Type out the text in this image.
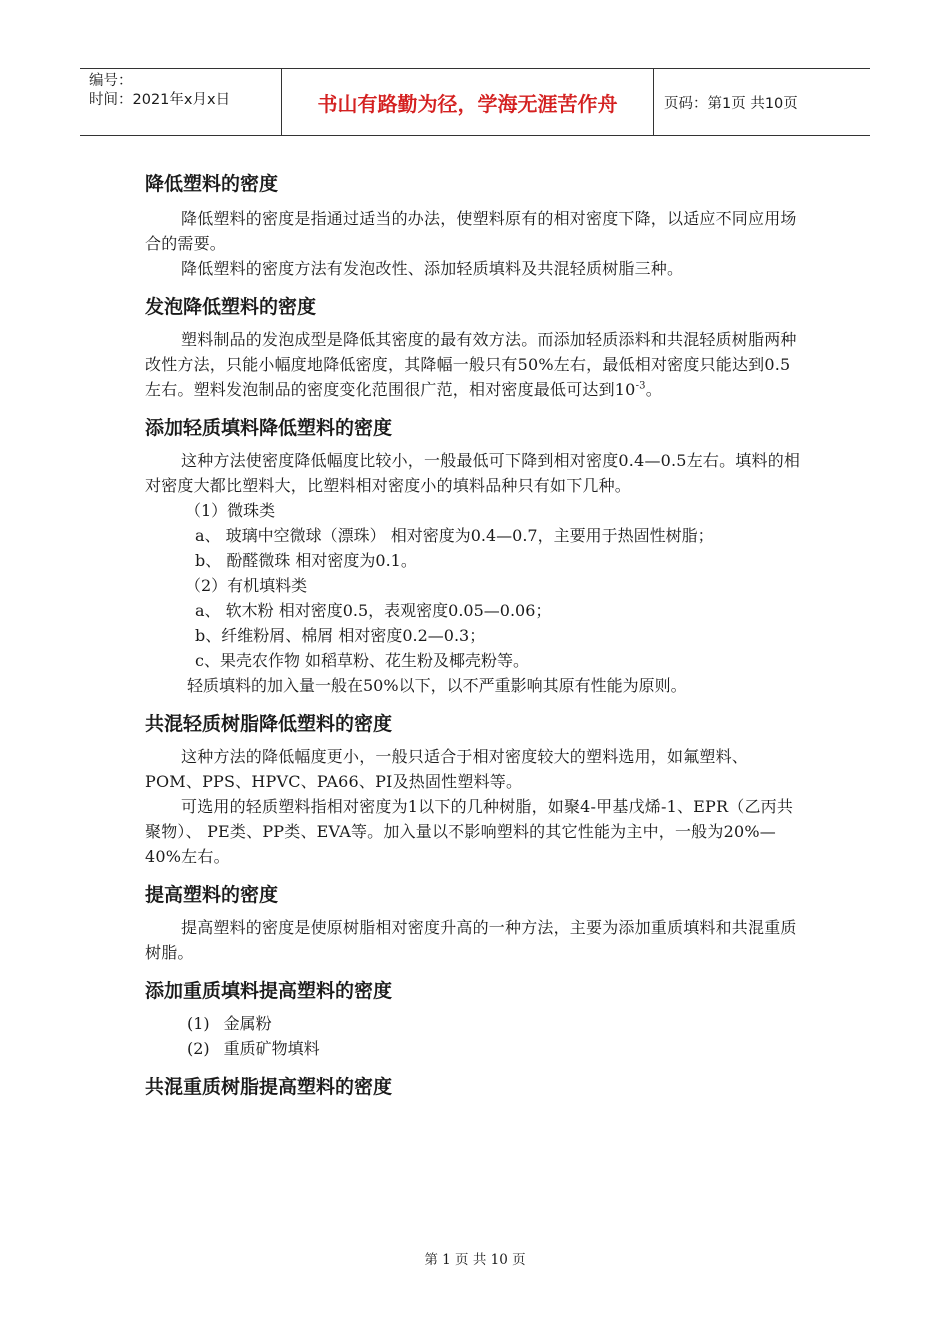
编号：
时间：2021年x月x日	书山有路勤为径，学海无涯苦作舟	页码：第1页 共10页
降低塑料的密度

降低塑料的密度是指通过适当的办法，使塑料原有的相对密度下降，以适应不同应用场合的需要。

降低塑料的密度方法有发泡改性、添加轻质填料及共混轻质树脂三种。

发泡降低塑料的密度

塑料制品的发泡成型是降低其密度的最有效方法。而添加轻质添料和共混轻质树脂两种改性方法，只能小幅度地降低密度，其降幅一般只有50%左右，最低相对密度只能达到0.5左右。塑料发泡制品的密度变化范围很广范，相对密度最低可达到$10^{-3}$。

添加轻质填料降低塑料的密度

这种方法使密度降低幅度比较小，一般最低可下降到相对密度0.4—0.5左右。填料的相对密度大都比塑料大，比塑料相对密度小的填料品种只有如下几种。

（1）微珠类
a、 玻璃中空微球（漂珠） 相对密度为0.4—0.7，主要用于热固性树脂；
b、 酚醛微珠 相对密度为0.1。
（2）有机填料类
a、 软木粉 相对密度0.5，表观密度0.05—0.06；
b、纤维粉屑、棉屑 相对密度0.2—0.3；
c、果壳农作物 如稻草粉、花生粉及椰壳粉等。
轻质填料的加入量一般在50%以下，以不严重影响其原有性能为原则。
共混轻质树脂降低塑料的密度

这种方法的降低幅度更小，一般只适合于相对密度较大的塑料选用，如氟塑料、POM、PPS、HPVC、PA66、PI及热固性塑料等。

可选用的轻质塑料指相对密度为1以下的几种树脂，如聚4-甲基戊烯-1、EPR（乙丙共聚物）、 PE类、PP类、EVA等。加入量以不影响塑料的其它性能为主中，一般为20%—40%左右。

提高塑料的密度

提高塑料的密度是使原树脂相对密度升高的一种方法，主要为添加重质填料和共混重质树脂。

添加重质填料提高塑料的密度
(1) 金属粉
(2) 重质矿物填料
共混重质树脂提高塑料的密度
第 1 页 共 10 页
